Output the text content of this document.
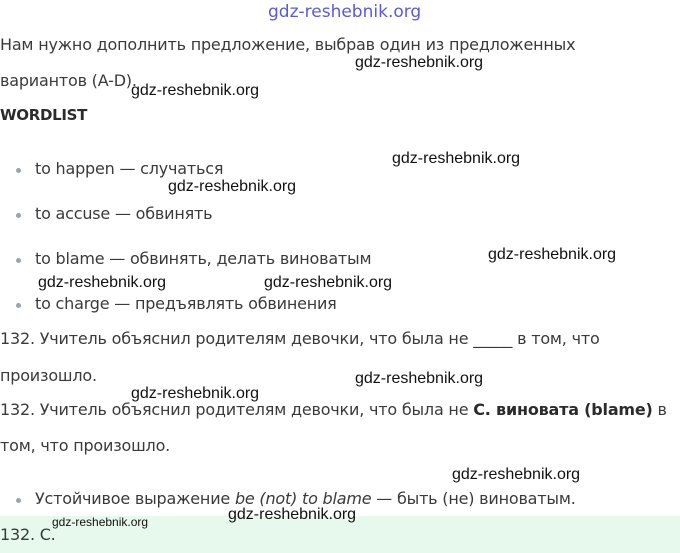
gdz-reshebnik.org
Нам нужно дополнить предложение, выбрав один из предложенных
вариантов (A-D).
WORDLIST
to happen — случаться
to accuse — обвинять
to blame — обвинять, делать виноватым
to charge — предъявлять обвинения
132. Учитель объяснил родителям девочки, что была не _____ в том, что
произошло.
132. Учитель объяснил родителям девочки, что была не C. виновата (blame) в
том, что произошло.
Устойчивое выражение be (not) to blame — быть (не) виноватым.
132. C.
gdz-reshebnik.org
gdz-reshebnik.org
gdz-reshebnik.org
gdz-reshebnik.org
gdz-reshebnik.org
gdz-reshebnik.org	gdz-reshebnik.org
gdz-reshebnik.org
gdz-reshebnik.org
gdz-reshebnik.org
gdz-reshebnik.org
gdz-reshebnik.org
